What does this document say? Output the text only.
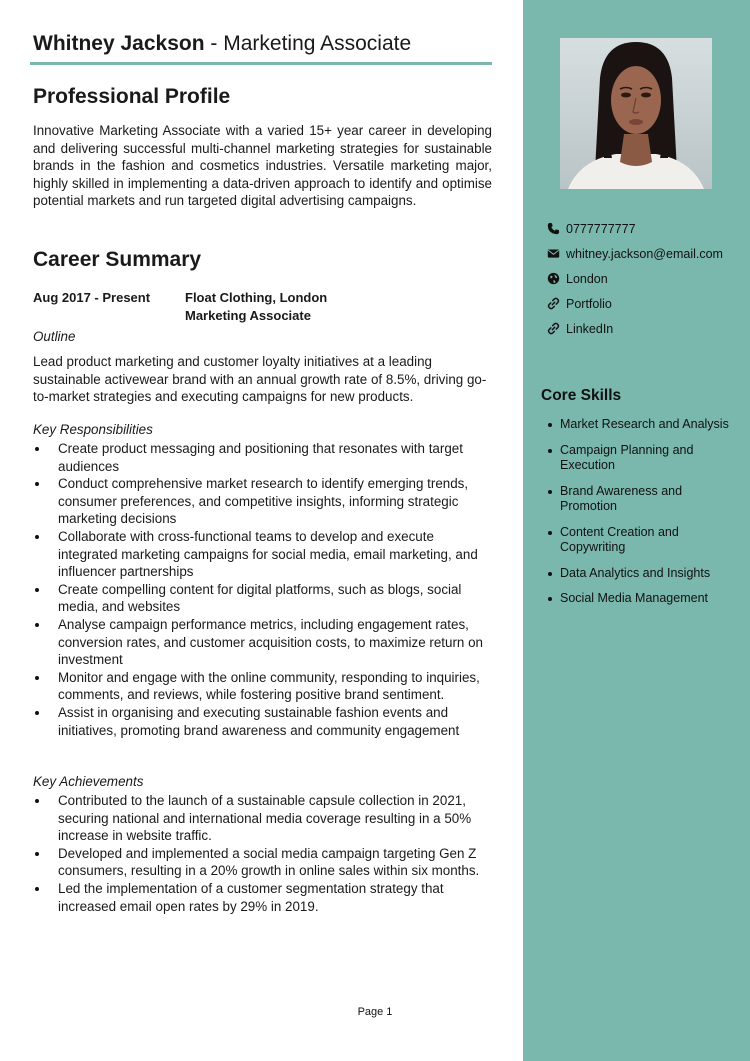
Whitney Jackson - Marketing Associate
Professional Profile

Innovative Marketing Associate with a varied 15+ year career in developing and delivering successful multi-channel marketing strategies for sustainable brands in the fashion and cosmetics industries. Versatile marketing major, highly skilled in implementing a data-driven approach to identify and optimise potential markets and run targeted digital advertising campaigns.

Career Summary
Aug 2017 - Present	Float Clothing, London
Marketing Associate
Outline

Lead product marketing and customer loyalty initiatives at a leading sustainable activewear brand with an annual growth rate of 8.5%, driving go-to-market strategies and executing campaigns for new products.

Key Responsibilities
Create product messaging and positioning that resonates with target audiences
Conduct comprehensive market research to identify emerging trends, consumer preferences, and competitive insights, informing strategic marketing decisions
Collaborate with cross-functional teams to develop and execute integrated marketing campaigns for social media, email marketing, and influencer partnerships
Create compelling content for digital platforms, such as blogs, social media, and websites
Analyse campaign performance metrics, including engagement rates, conversion rates, and customer acquisition costs, to maximize return on investment
Monitor and engage with the online community, responding to inquiries, comments, and reviews, while fostering positive brand sentiment.
Assist in organising and executing sustainable fashion events and initiatives, promoting brand awareness and community engagement
Key Achievements
Contributed to the launch of a sustainable capsule collection in 2021, securing national and international media coverage resulting in a 50% increase in website traffic.
Developed and implemented a social media campaign targeting Gen Z consumers, resulting in a 20% growth in online sales within six months.
Led the implementation of a customer segmentation strategy that increased email open rates by 29% in 2019.
0777777777
whitney.jackson@email.com
London
Portfolio
LinkedIn
Core Skills
Market Research and Analysis
Campaign Planning and Execution
Brand Awareness and Promotion
Content Creation and Copywriting
Data Analytics and Insights
Social Media Management
Page 1
